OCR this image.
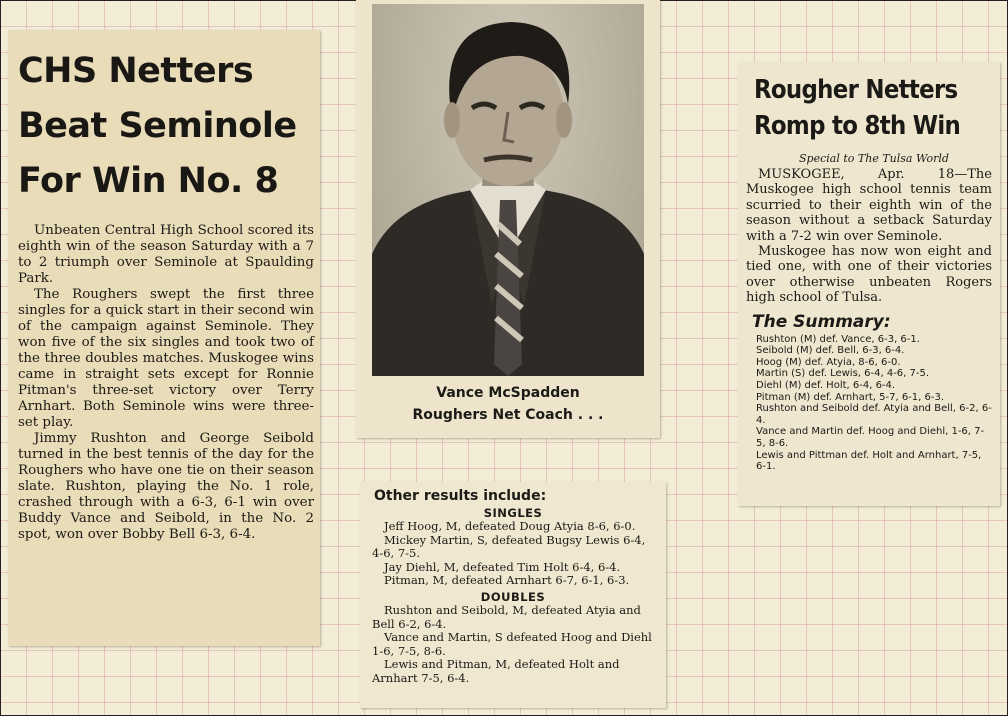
CHS Netters
Beat Seminole
For Win No. 8

Unbeaten Central High School scored its eighth win of the season Saturday with a 7 to 2 triumph over Seminole at Spaulding Park.

The Roughers swept the first three singles for a quick start in their second win of the campaign against Seminole. They won five of the six singles and took two of the three doubles matches. Muskogee wins came in straight sets except for Ronnie Pitman's three-set victory over Terry Arnhart. Both Seminole wins were three-set play.

Jimmy Rushton and George Seibold turned in the best tennis of the day for the Roughers who have one tie on their season slate. Rushton, playing the No. 1 role, crashed through with a 6-3, 6-1 win over Buddy Vance and Seibold, in the No. 2 spot, won over Bobby Bell 6-3, 6-4.

Vance McSpadden
Roughers Net Coach . . .
Rougher Netters
Romp to 8th Win
Special to The Tulsa World

MUSKOGEE, Apr. 18—The Muskogee high school tennis team scurried to their eighth win of the season without a setback Saturday with a 7-2 win over Seminole.

Muskogee has now won eight and tied one, with one of their victories over otherwise unbeaten Rogers high school of Tulsa.

The Summary:
Rushton (M) def. Vance, 6-3, 6-1.
Seibold (M) def. Bell, 6-3, 6-4.
Hoog (M) def. Atyia, 8-6, 6-0.
Martin (S) def. Lewis, 6-4, 4-6, 7-5.
Diehl (M) def. Holt, 6-4, 6-4.
Pitman (M) def. Arnhart, 5-7, 6-1, 6-3.
Rushton and Seibold def. Atyia and Bell, 6-2, 6-4.
Vance and Martin def. Hoog and Diehl, 1-6, 7-5, 8-6.
Lewis and Pittman def. Holt and Arnhart, 7-5, 6-1.
Other results include:
SINGLES
Jeff Hoog, M, defeated Doug Atyia 8-6, 6-0.
Mickey Martin, S, defeated Bugsy Lewis 6-4, 4-6, 7-5.
Jay Diehl, M, defeated Tim Holt 6-4, 6-4.
Pitman, M, defeated Arnhart 6-7, 6-1, 6-3.
DOUBLES
Rushton and Seibold, M, defeated Atyia and Bell 6-2, 6-4.
Vance and Martin, S defeated Hoog and Diehl 1-6, 7-5, 8-6.
Lewis and Pitman, M, defeated Holt and Arnhart 7-5, 6-4.
